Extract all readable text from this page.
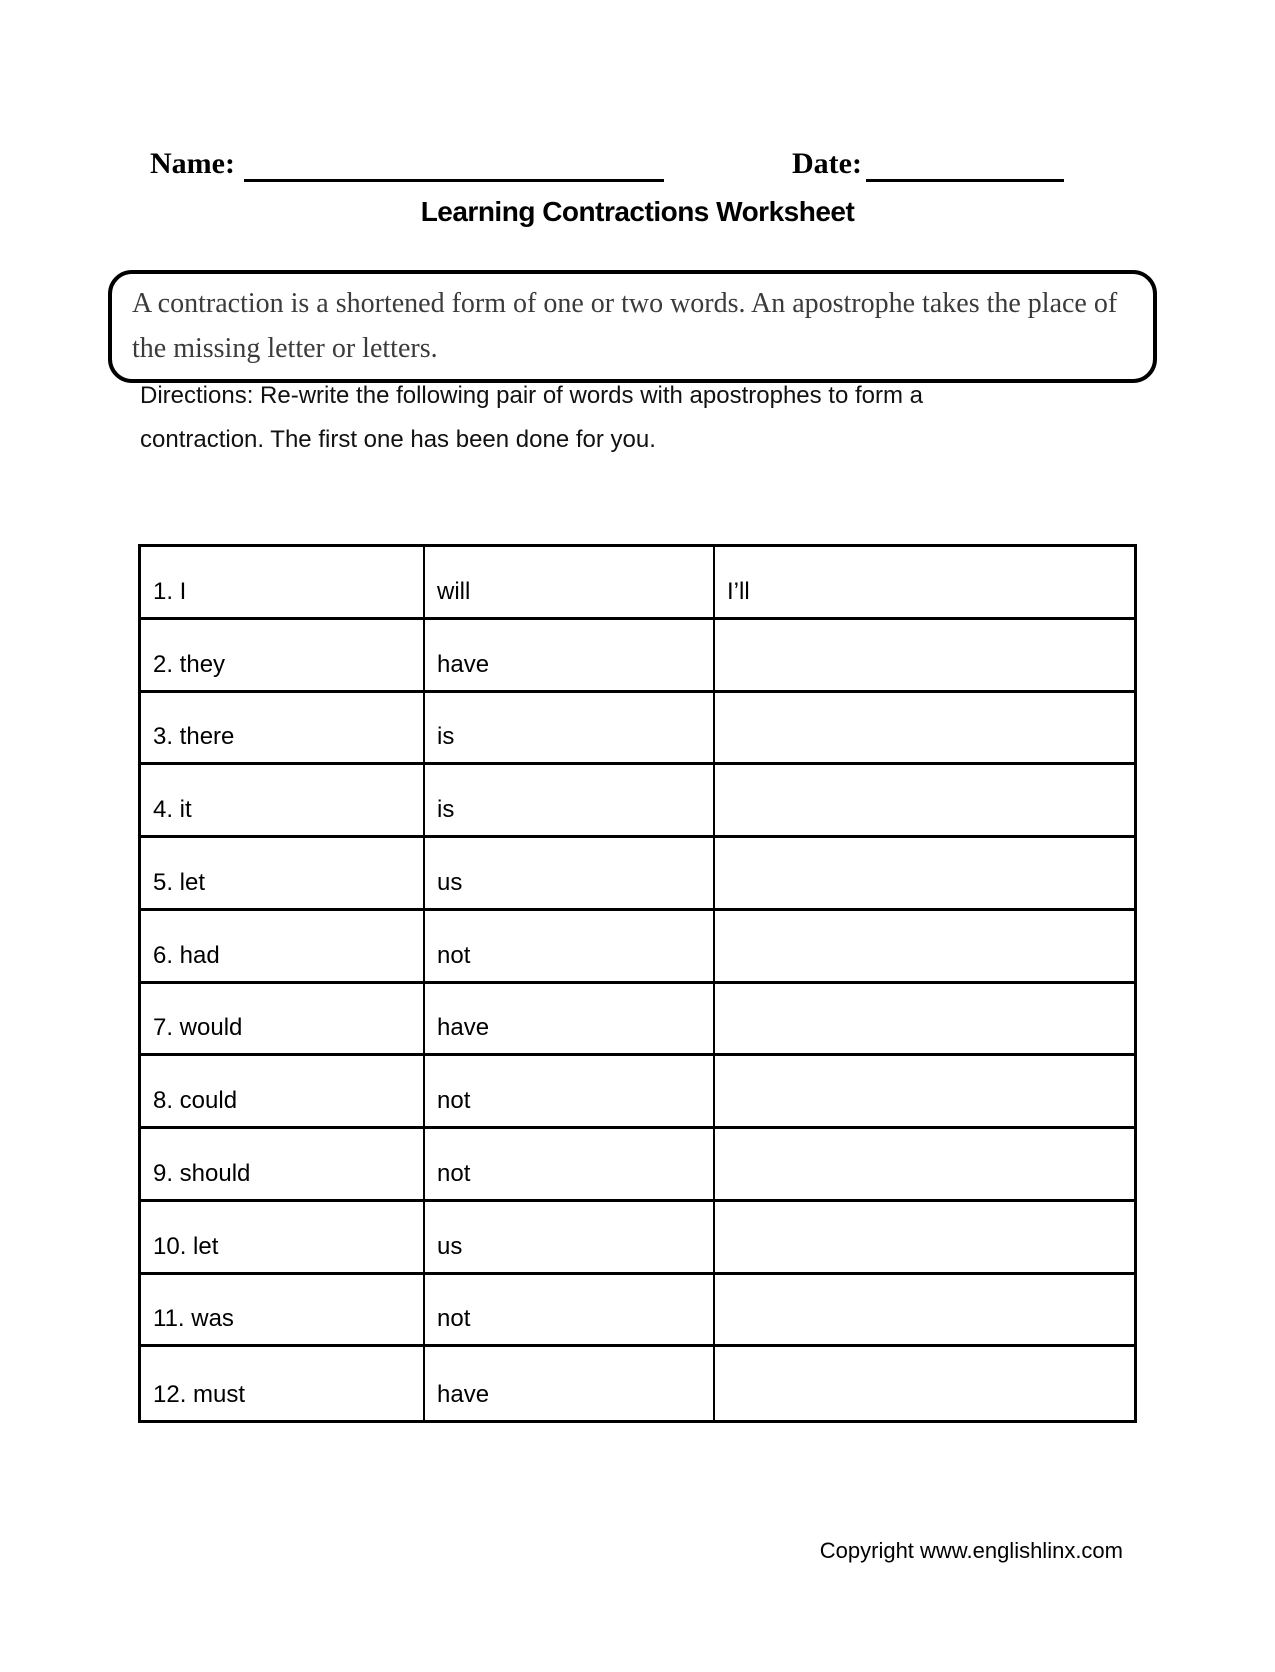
Name:	Date:
Learning Contractions Worksheet

A contraction is a shortened form of one or two words. An apostrophe takes the place of the missing letter or letters.

Directions: Re-write the following pair of words with apostrophes to form a contraction. The first one has been done for you.

1. I	will	I’ll
2. they	have
3. there	is
4. it	is
5. let	us
6. had	not
7. would	have
8. could	not
9. should	not
10. let	us
11. was	not
12. must	have
Copyright www.englishlinx.com
